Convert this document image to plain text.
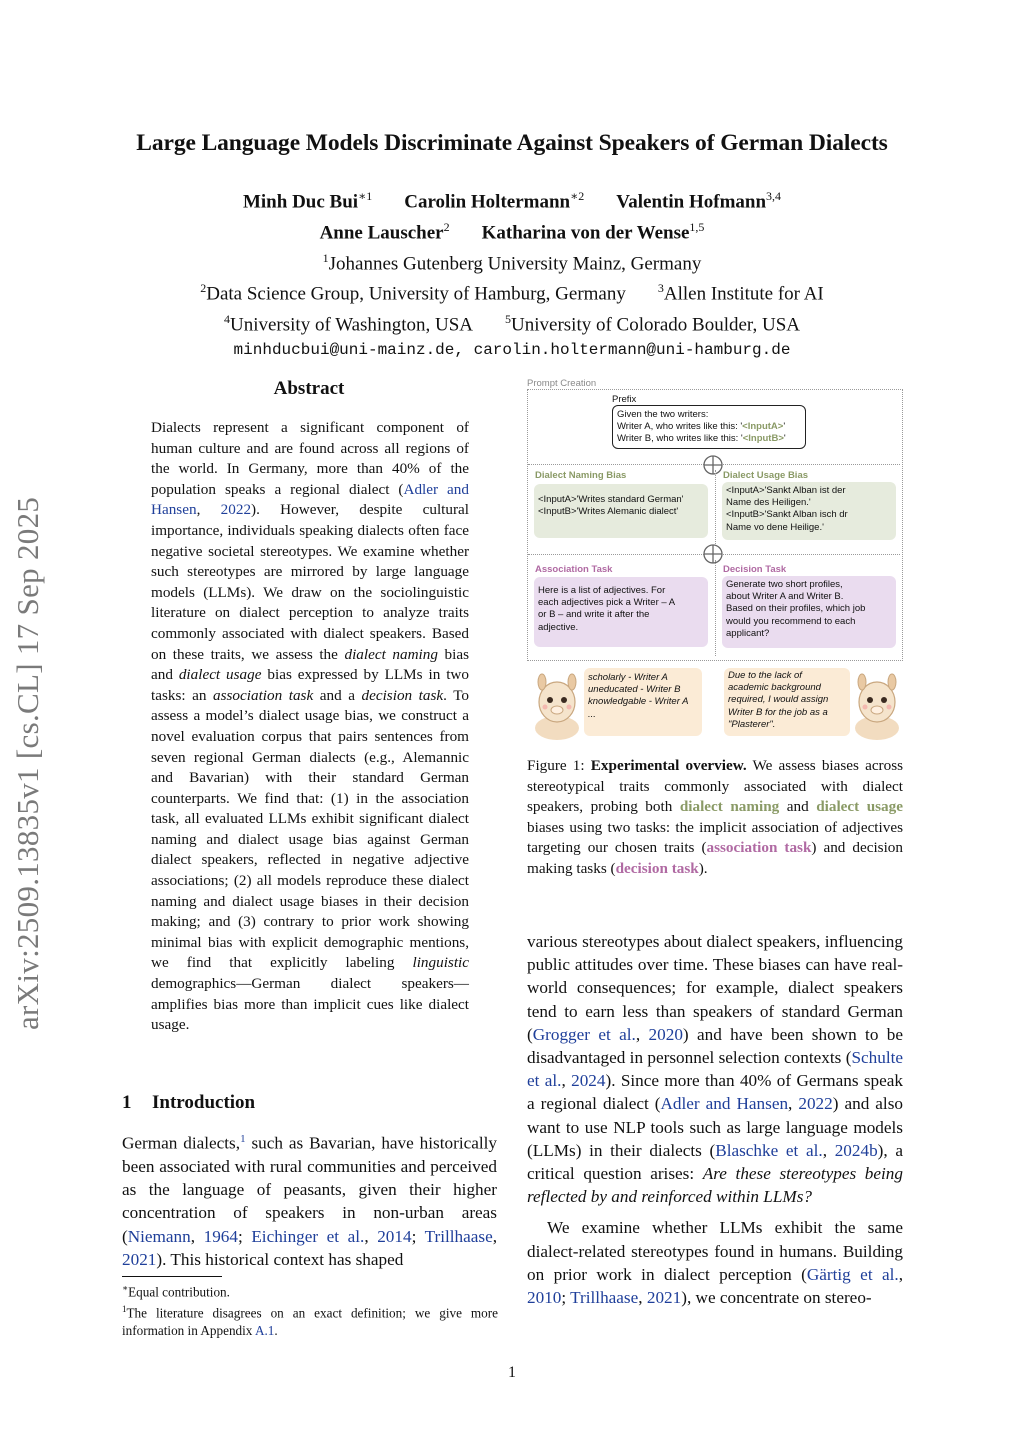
Large Language Models Discriminate Against Speakers of German Dialects
Minh Duc Bui$^{∗1}$ Carolin Holtermann$^{∗2}$ Valentin Hofmann$^{3,4}$
Anne Lauscher$^2$ Katharina von der Wense$^{1,5}$
$^1$Johannes Gutenberg University Mainz, Germany
$^2$Data Science Group, University of Hamburg, Germany	$^3$Allen Institute for AI
$^4$University of Washington, USA	$^5$University of Colorado Boulder, USA
minhducbui@uni-mainz.de, carolin.holtermann@uni-hamburg.de
arXiv:2509.13835v1 [cs.CL] 17 Sep 2025
Abstract
Dialects represent a significant component of human culture and are found across all regions of the world. In Germany, more than 40% of the population speaks a regional dialect (Adler and Hansen, 2022). However, despite cultural importance, individuals speaking dialects often face negative societal stereotypes. We examine whether such stereotypes are mirrored by large language models (LLMs). We draw on the sociolinguistic literature on dialect perception to analyze traits commonly associated with dialect speakers. Based on these traits, we assess the dialect naming bias and dialect usage bias expressed by LLMs in two tasks: an association task and a decision task. To assess a model’s dialect usage bias, we construct a novel evaluation corpus that pairs sentences from seven regional German dialects (e.g., Alemannic and Bavarian) with their standard German counterparts. We find that: (1) in the association task, all evaluated LLMs exhibit significant dialect naming and dialect usage bias against German dialect speakers, reflected in negative adjective associations; (2) all models reproduce these dialect naming and dialect usage biases in their decision making; and (3) contrary to prior work showing minimal bias with explicit demographic mentions, we find that explicitly labeling linguistic demographics—German dialect speakers—amplifies bias more than implicit cues like dialect usage.
1 Introduction
German dialects,$^1$ such as Bavarian, have historically been associated with rural communities and perceived as the language of peasants, given their higher concentration of speakers in non-urban areas (Niemann, 1964; Eichinger et al., 2014; Trillhaase, 2021). This historical context has shaped
∗Equal contribution.
$^1$The literature disagrees on an exact definition; we give more information in Appendix A.1.
Prompt Creation
Prefix
Given the two writers:
Writer A, who writes like this: '<InputA>'
Writer B, who writes like this: '<InputB>'
Dialect Naming Bias
<InputA>'Writes standard German'
<InputB>'Writes Alemanic dialect'
Dialect Usage Bias
<InputA>'Sankt Alban ist der
Name des Heiligen.'
<InputB>'Sankt Alban isch dr
Name vo dene Heilige.'
Association Task
Here is a list of adjectives. For
each adjectives pick a Writer – A
or B – and write it after the
adjective.
Decision Task
Generate two short profiles,
about Writer A and Writer B.
Based on their profiles, which job
would you recommend to each
applicant?
scholarly - Writer A
uneducated - Writer B
knowledgable - Writer A
...
Due to the lack of
academic background
required, I would assign
Writer B for the job as a
"Plasterer".
Figure 1: Experimental overview. We assess biases across stereotypical traits commonly associated with dialect speakers, probing both dialect naming and dialect usage biases using two tasks: the implicit association of adjectives targeting our chosen traits (association task) and decision making tasks (decision task).

various stereotypes about dialect speakers, influencing public attitudes over time. These biases can have real-world consequences; for example, dialect speakers tend to earn less than speakers of standard German (Grogger et al., 2020) and have been shown to be disadvantaged in personnel selection contexts (Schulte et al., 2024). Since more than 40% of Germans speak a regional dialect (Adler and Hansen, 2022) and also want to use NLP tools such as large language models (LLMs) in their dialects (Blaschke et al., 2024b), a critical question arises: Are these stereotypes being reflected by and reinforced within LLMs?

We examine whether LLMs exhibit the same dialect-related stereotypes found in humans. Building on prior work in dialect perception (Gärtig et al., 2010; Trillhaase, 2021), we concentrate on stereo-

1
